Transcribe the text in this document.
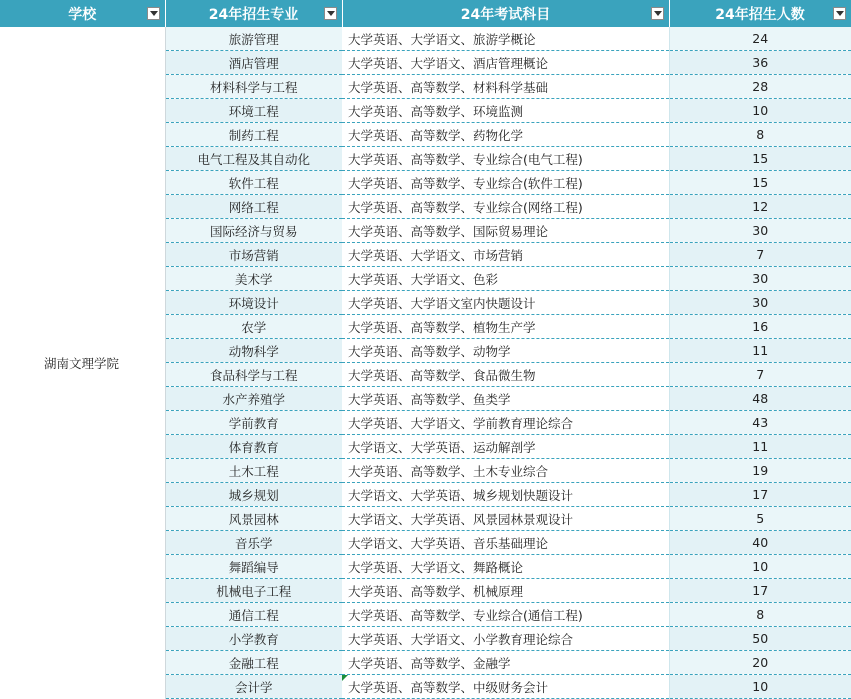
学校	24年招生专业	24年考试科目	24年招生人数

湖南文理学院	旅游管理	大学英语、大学语文、旅游学概论	24
	酒店管理	大学英语、大学语文、酒店管理概论	36
	材料科学与工程	大学英语、高等数学、材料科学基础	28
	环境工程	大学英语、高等数学、环境监测	10
	制药工程	大学英语、高等数学、药物化学	8
	电气工程及其自动化	大学英语、高等数学、专业综合(电气工程)	15
	软件工程	大学英语、高等数学、专业综合(软件工程)	15
	网络工程	大学英语、高等数学、专业综合(网络工程)	12
	国际经济与贸易	大学英语、高等数学、国际贸易理论	30
	市场营销	大学英语、大学语文、市场营销	7
	美术学	大学英语、大学语文、色彩	30
	环境设计	大学英语、大学语文室内快题设计	30
	农学	大学英语、高等数学、植物生产学	16
	动物科学	大学英语、高等数学、动物学	11
	食品科学与工程	大学英语、高等数学、食品微生物	7
	水产养殖学	大学英语、高等数学、鱼类学	48
	学前教育	大学英语、大学语文、学前教育理论综合	43
	体育教育	大学语文、大学英语、运动解剖学	11
	土木工程	大学英语、高等数学、土木专业综合	19
	城乡规划	大学语文、大学英语、城乡规划快题设计	17
	风景园林	大学语文、大学英语、风景园林景观设计	5
	音乐学	大学语文、大学英语、音乐基础理论	40
	舞蹈编导	大学英语、大学语文、舞路概论	10
	机械电子工程	大学英语、高等数学、机械原理	17
	通信工程	大学英语、高等数学、专业综合(通信工程)	8
	小学教育	大学英语、大学语文、小学教育理论综合	50
	金融工程	大学英语、高等数学、金融学	20
	会计学	大学英语、高等数学、中级财务会计	10
